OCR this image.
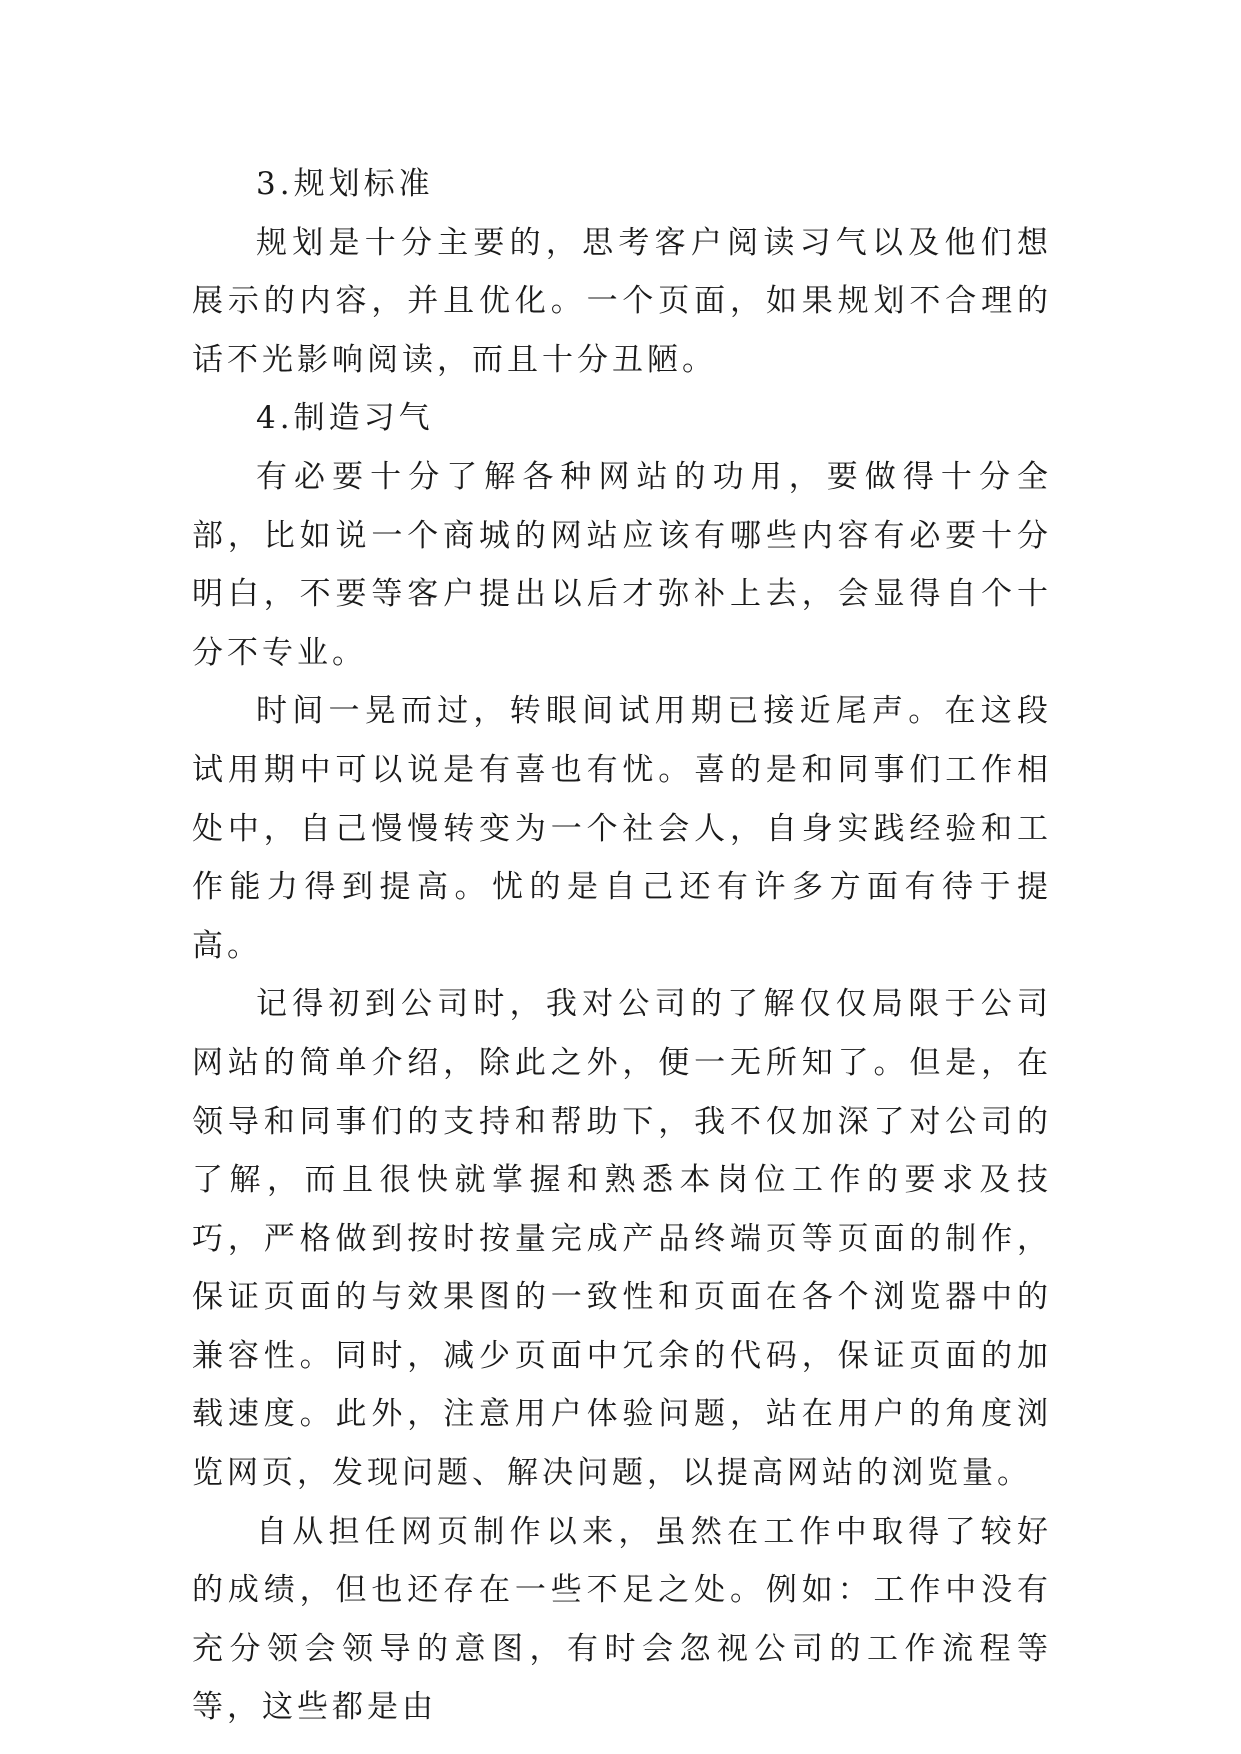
3.规划标准

规划是十分主要的，思考客户阅读习气以及他们想展示的内容，并且优化。一个页面，如果规划不合理的话不光影响阅读，而且十分丑陋。

4.制造习气

有必要十分了解各种网站的功用，要做得十分全部，比如说一个商城的网站应该有哪些内容有必要十分明白，不要等客户提出以后才弥补上去，会显得自个十分不专业。

时间一晃而过，转眼间试用期已接近尾声。在这段试用期中可以说是有喜也有忧。喜的是和同事们工作相处中，自己慢慢转变为一个社会人，自身实践经验和工作能力得到提高。忧的是自己还有许多方面有待于提高。

记得初到公司时，我对公司的了解仅仅局限于公司网站的简单介绍，除此之外，便一无所知了。但是，在领导和同事们的支持和帮助下，我不仅加深了对公司的了解，而且很快就掌握和熟悉本岗位工作的要求及技巧，严格做到按时按量完成产品终端页等页面的制作，保证页面的与效果图的一致性和页面在各个浏览器中的兼容性。同时，减少页面中冗余的代码，保证页面的加载速度。此外，注意用户体验问题，站在用户的角度浏览网页，发现问题、解决问题，以提高网站的浏览量。

自从担任网页制作以来，虽然在工作中取得了较好的成绩，但也还存在一些不足之处。例如：工作中没有充分领会领导的意图，有时会忽视公司的工作流程等等，这些都是由
